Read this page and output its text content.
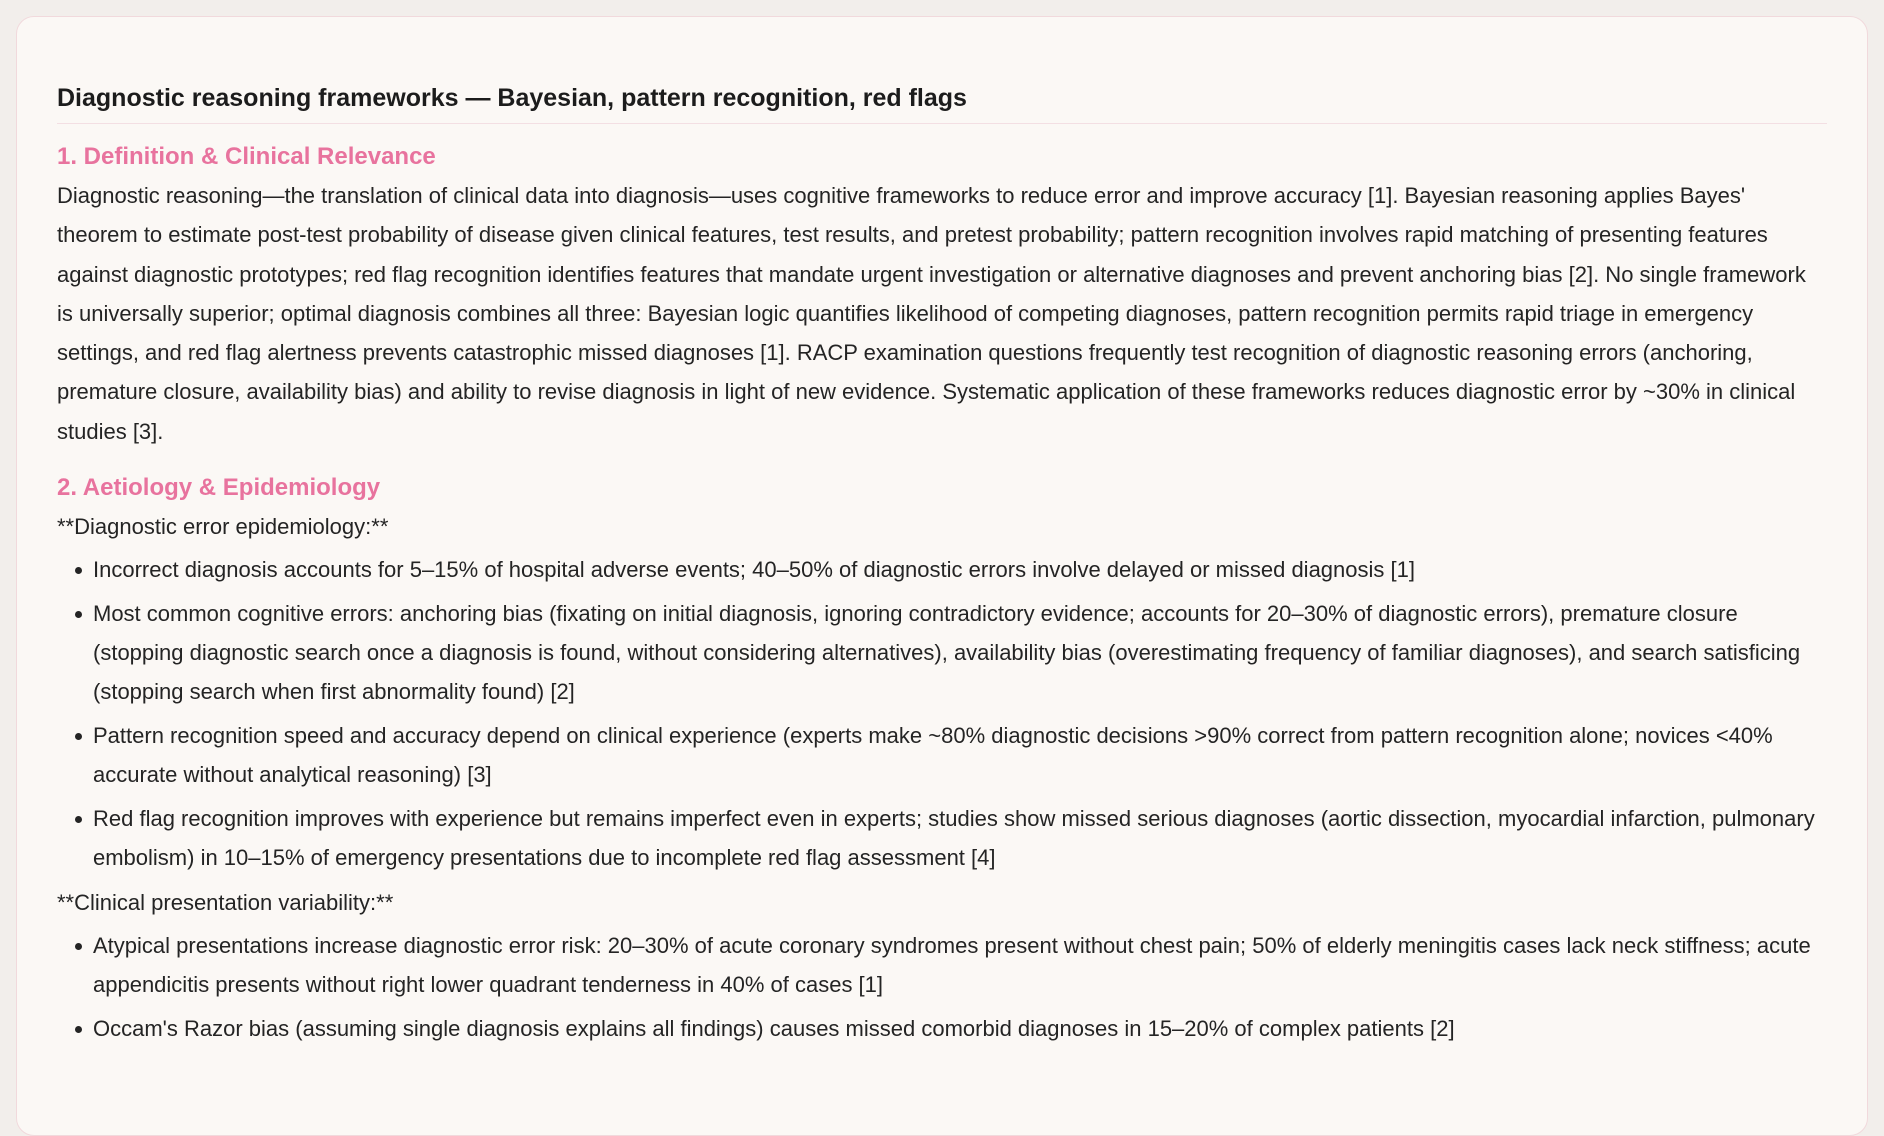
Diagnostic reasoning frameworks — Bayesian, pattern recognition, red flags
1. Definition & Clinical Relevance

Diagnostic reasoning—the translation of clinical data into diagnosis—uses cognitive frameworks to reduce error and improve accuracy [1]. Bayesian reasoning applies Bayes' theorem to estimate post-test probability of disease given clinical features, test results, and pretest probability; pattern recognition involves rapid matching of presenting features against diagnostic prototypes; red flag recognition identifies features that mandate urgent investigation or alternative diagnoses and prevent anchoring bias [2]. No single framework is universally superior; optimal diagnosis combines all three: Bayesian logic quantifies likelihood of competing diagnoses, pattern recognition permits rapid triage in emergency settings, and red flag alertness prevents catastrophic missed diagnoses [1]. RACP examination questions frequently test recognition of diagnostic reasoning errors (anchoring, premature closure, availability bias) and ability to revise diagnosis in light of new evidence. Systematic application of these frameworks reduces diagnostic error by ~30% in clinical studies [3].

2. Aetiology & Epidemiology

**Diagnostic error epidemiology:**

Incorrect diagnosis accounts for 5–15% of hospital adverse events; 40–50% of diagnostic errors involve delayed or missed diagnosis [1]
Most common cognitive errors: anchoring bias (fixating on initial diagnosis, ignoring contradictory evidence; accounts for 20–30% of diagnostic errors), premature closure (stopping diagnostic search once a diagnosis is found, without considering alternatives), availability bias (overestimating frequency of familiar diagnoses), and search satisficing (stopping search when first abnormality found) [2]
Pattern recognition speed and accuracy depend on clinical experience (experts make ~80% diagnostic decisions >90% correct from pattern recognition alone; novices <40% accurate without analytical reasoning) [3]
Red flag recognition improves with experience but remains imperfect even in experts; studies show missed serious diagnoses (aortic dissection, myocardial infarction, pulmonary embolism) in 10–15% of emergency presentations due to incomplete red flag assessment [4]

**Clinical presentation variability:**

Atypical presentations increase diagnostic error risk: 20–30% of acute coronary syndromes present without chest pain; 50% of elderly meningitis cases lack neck stiffness; acute appendicitis presents without right lower quadrant tenderness in 40% of cases [1]
Occam's Razor bias (assuming single diagnosis explains all findings) causes missed comorbid diagnoses in 15–20% of complex patients [2]
